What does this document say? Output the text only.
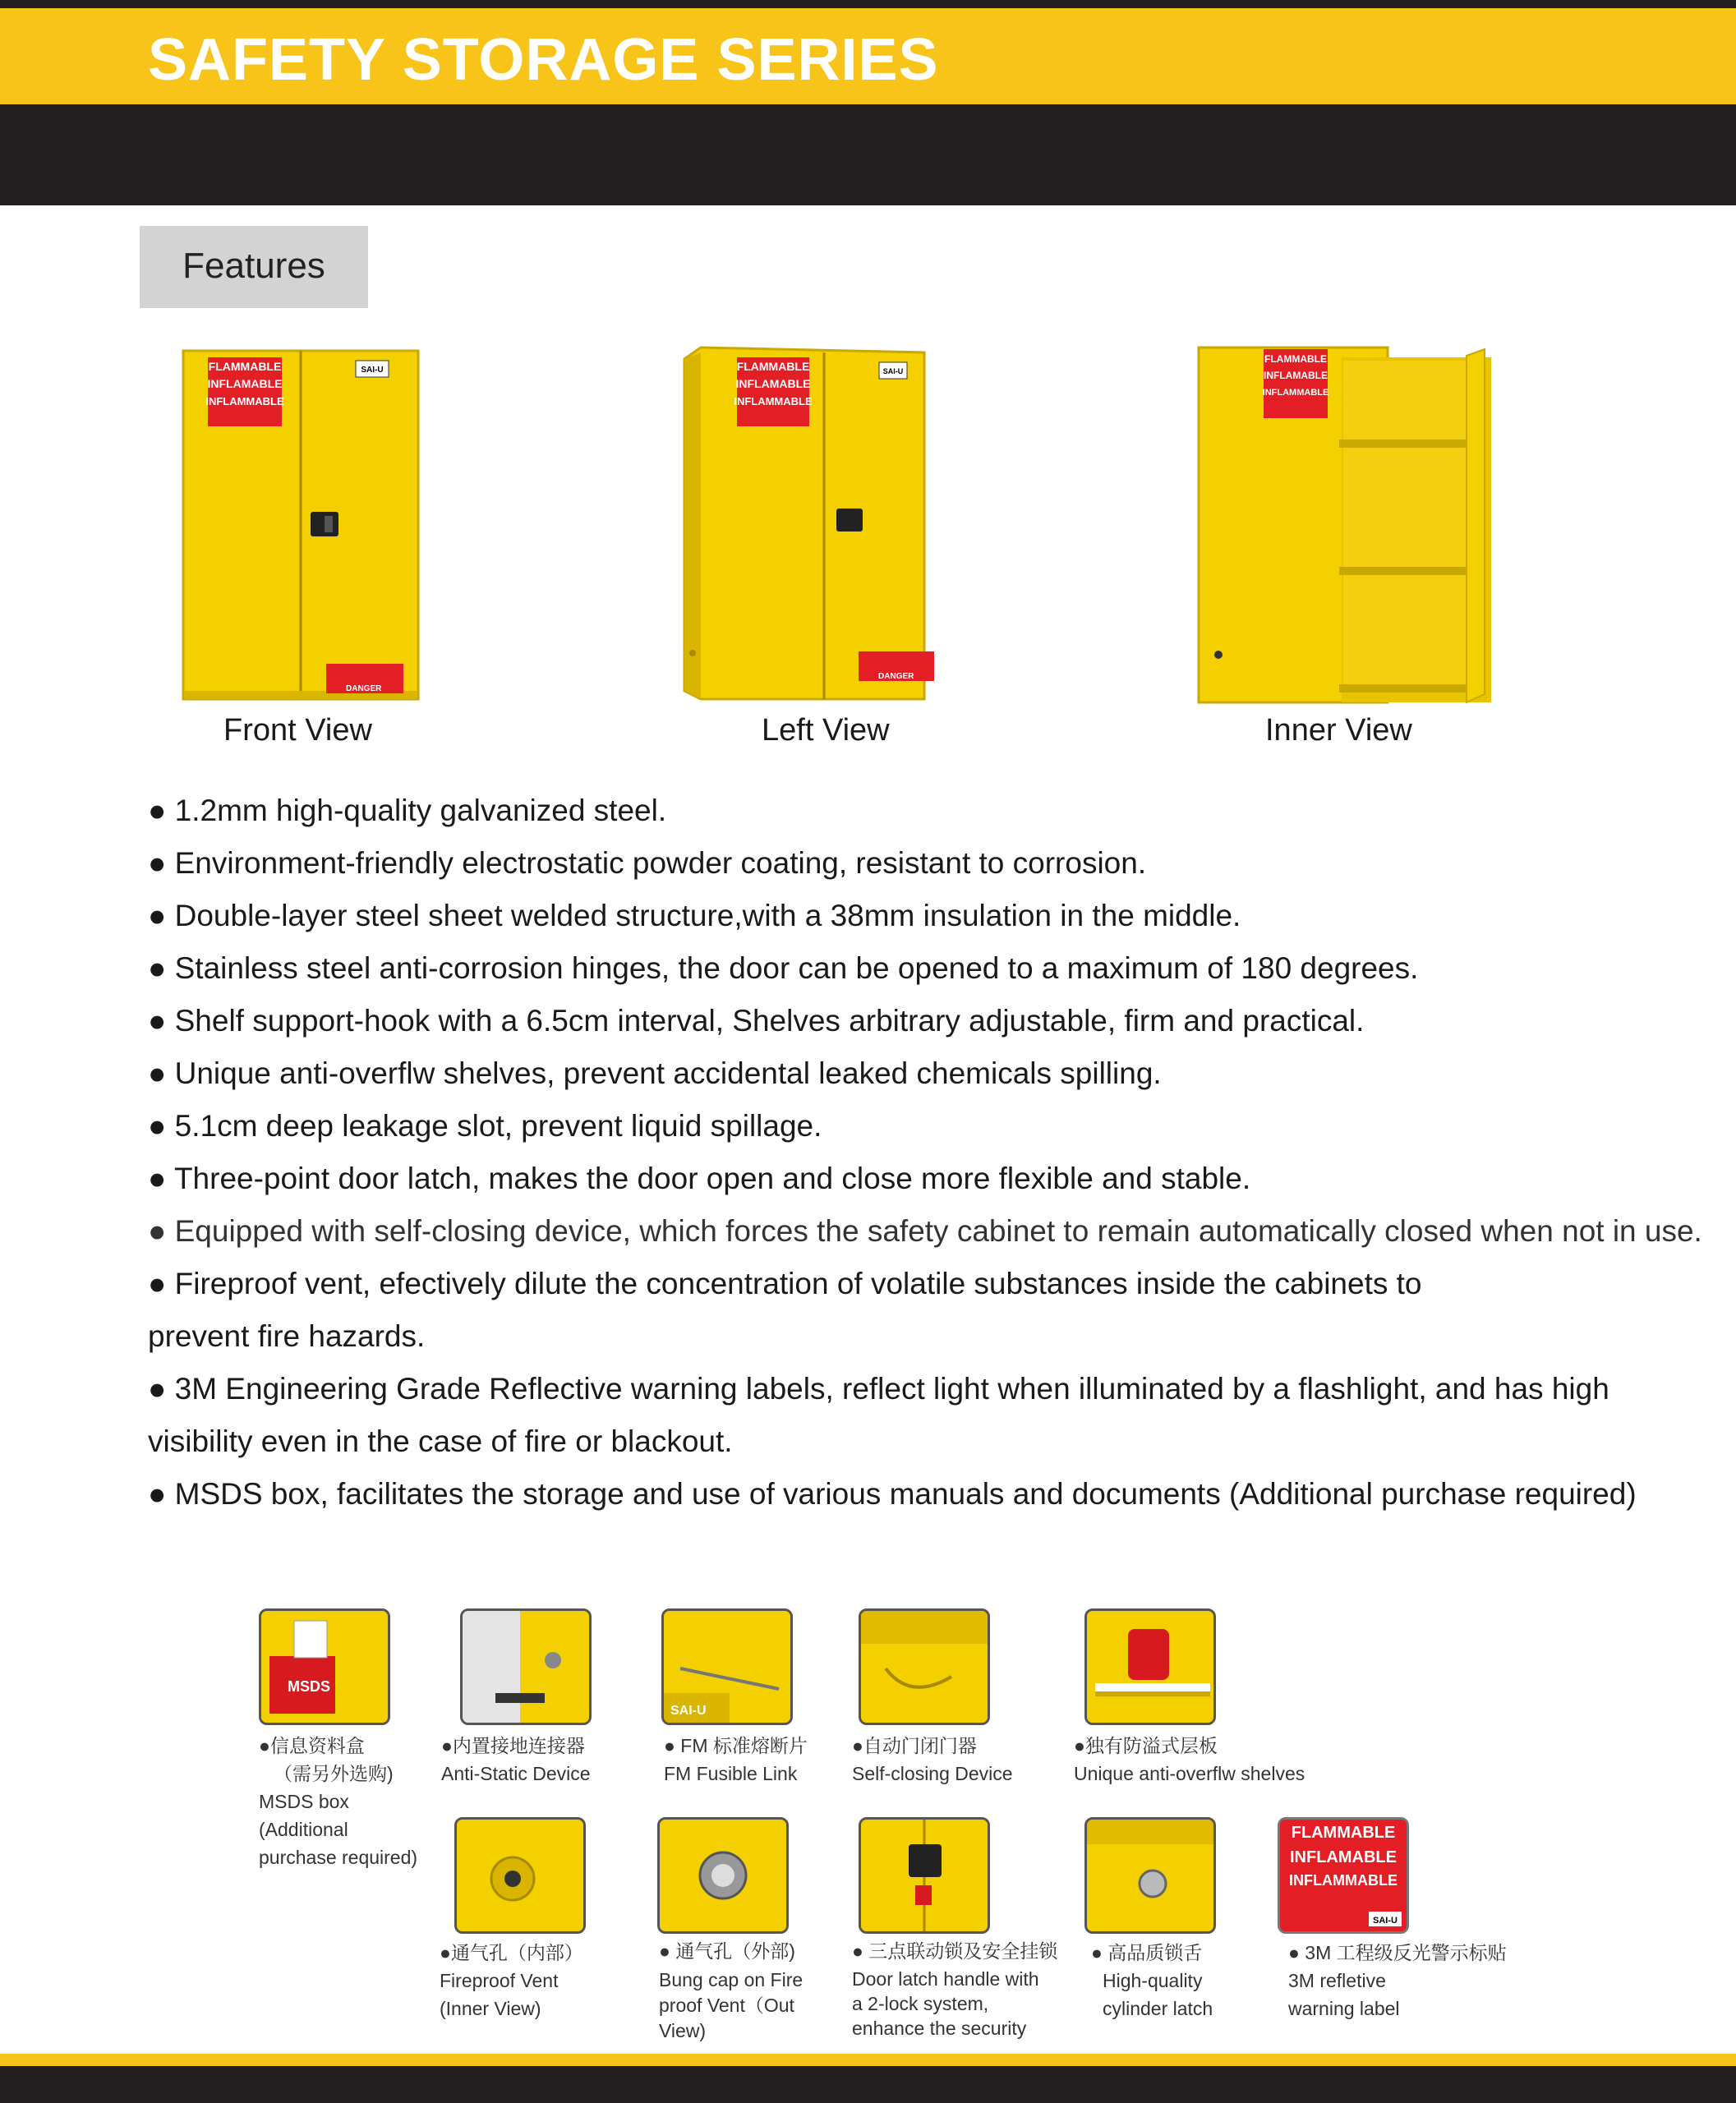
SAFETY STORAGE SERIES
Features
FLAMMABLE
INFLAMABLE
INFLAMMABLE
SAI-U
DANGER
FLAMMABLE
INFLAMABLE
INFLAMMABLE
SAI-U
DANGER
FLAMMABLE
INFLAMABLE
INFLAMMABLE
Front View	Left View	Inner View

● 1.2mm high-quality galvanized steel.

● Environment-friendly electrostatic powder coating, resistant to corrosion.

● Double-layer steel sheet welded structure,with a 38mm insulation in the middle.

● Stainless steel anti-corrosion hinges, the door can be opened to a maximum of 180 degrees.

● Shelf support-hook with a 6.5cm interval, Shelves arbitrary adjustable, firm and practical.

● Unique anti-overflw shelves, prevent accidental leaked chemicals spilling.

● 5.1cm deep leakage slot, prevent liquid spillage.

● Three-point door latch, makes the door open and close more flexible and stable.

● Equipped with self-closing device, which forces the safety cabinet to remain automatically closed when not in use.

● Fireproof vent, efectively dilute the concentration of volatile substances inside the cabinets to prevent fire hazards.

● 3M Engineering Grade Reflective warning labels, reflect light when illuminated by a flashlight, and has high visibility even in the case of fire or blackout.

● MSDS box, facilitates the storage and use of various manuals and documents (Additional purchase required)

MSDS
SAI-U
●信息资料盒
（需另外选购)
MSDS box
(Additional
purchase required)
●内置接地连接器
Anti-Static Device
● FM 标准熔断片
FM Fusible Link
●自动门闭门器
Self-closing Device
●独有防溢式层板
Unique anti-overflw shelves
FLAMMABLE
INFLAMABLE
INFLAMMABLE
SAI-U
●通气孔（内部）
Fireproof Vent
(Inner View)
● 通气孔（外部)
Bung cap on Fire
proof Vent（Out
View)
● 三点联动锁及安全挂锁
Door latch handle with
a 2-lock system,
enhance the security
● 高品质锁舌
High-quality
cylinder latch
● 3M 工程级反光警示标贴
3M refletive
warning label
